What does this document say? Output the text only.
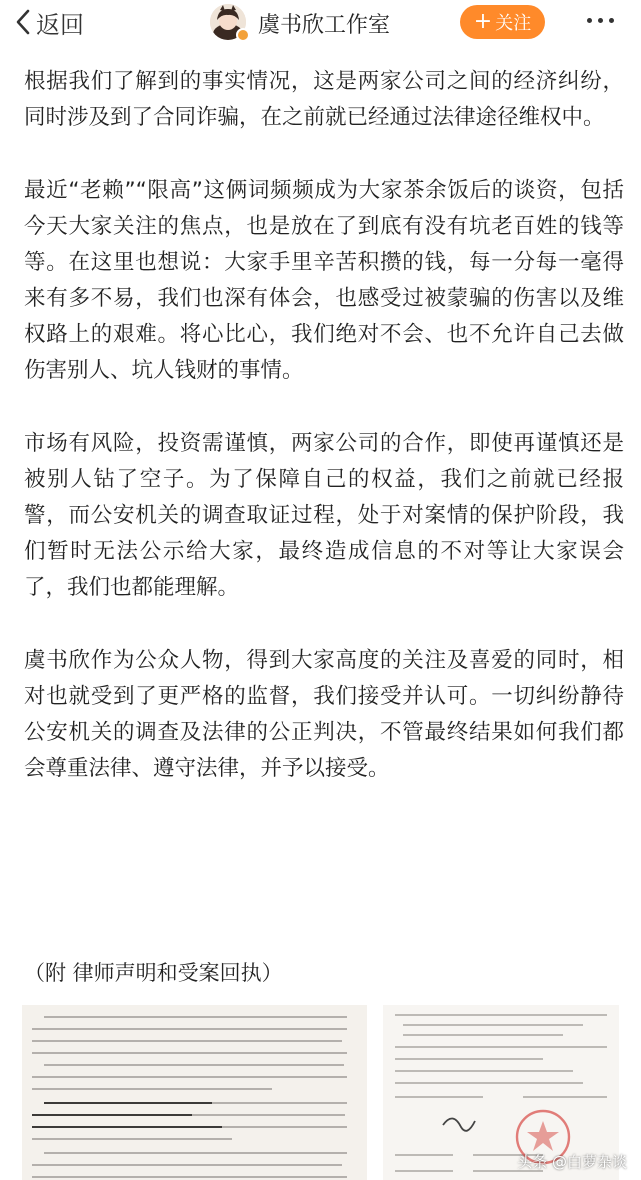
返回	虞书欣工作室	+ 关注

根据我们了解到的事实情况，这是两家公司之间的经济纠纷，同时涉及到了合同诈骗，在之前就已经通过法律途径维权中。

最近“老赖”“限高”这俩词频频成为大家茶余饭后的谈资，包括今天大家关注的焦点，也是放在了到底有没有坑老百姓的钱等等。在这里也想说：大家手里辛苦积攒的钱，每一分每一毫得来有多不易，我们也深有体会，也感受过被蒙骗的伤害以及维权路上的艰难。将心比心，我们绝对不会、也不允许自己去做伤害别人、坑人钱财的事情。

市场有风险，投资需谨慎，两家公司的合作，即使再谨慎还是被别人钻了空子。为了保障自己的权益，我们之前就已经报警，而公安机关的调查取证过程，处于对案情的保护阶段，我们暂时无法公示给大家，最终造成信息的不对等让大家误会了，我们也都能理解。

虞书欣作为公众人物，得到大家高度的关注及喜爱的同时，相对也就受到了更严格的监督，我们接受并认可。一切纠纷静待公安机关的调查及法律的公正判决，不管最终结果如何我们都会尊重法律、遵守法律，并予以接受。

（附 律师声明和受案回执）
头条 @白萝杂谈
